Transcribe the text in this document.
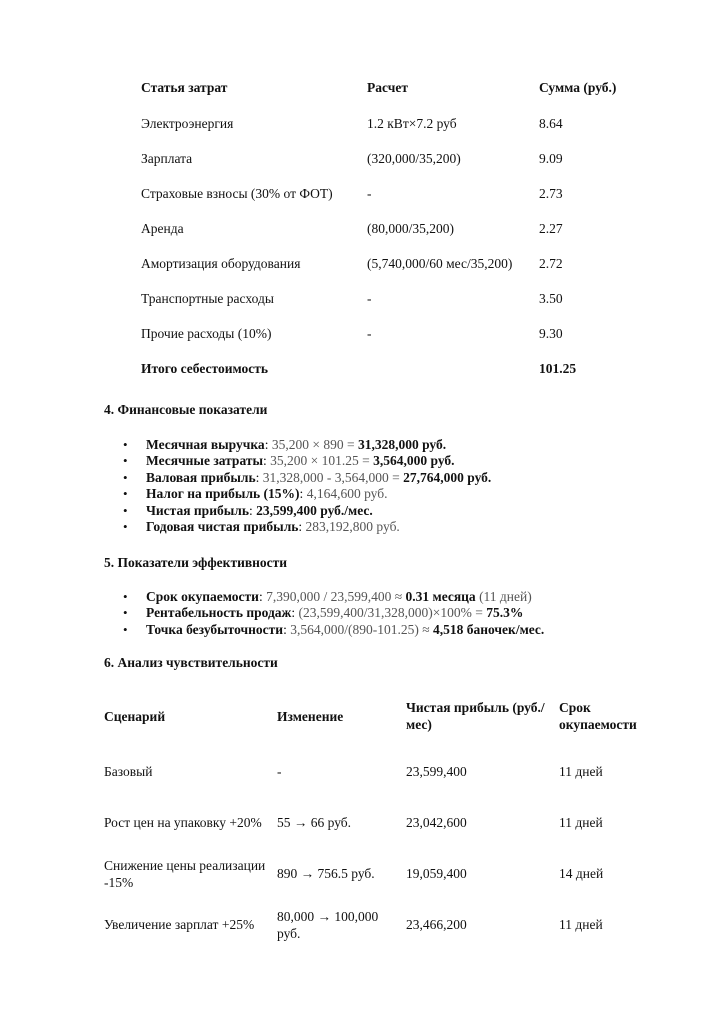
Статья затрат	Расчет	Сумма (руб.)
Электроэнергия	1.2 кВт×7.2 руб	8.64
Зарплата	(320,000/35,200)	9.09
Страховые взносы (30% от ФОТ)	-	2.73
Аренда	(80,000/35,200)	2.27
Амортизация оборудования	(5,740,000/60 мес/35,200)	2.72
Транспортные расходы	-	3.50
Прочие расходы (10%)	-	9.30
Итого себестоимость		101.25
4. Финансовые показатели
• Месячная выручка: 35,200 × 890 = 31,328,000 руб.
• Месячные затраты: 35,200 × 101.25 = 3,564,000 руб.
• Валовая прибыль: 31,328,000 - 3,564,000 = 27,764,000 руб.
• Налог на прибыль (15%): 4,164,600 руб.
• Чистая прибыль: 23,599,400 руб./мес.
• Годовая чистая прибыль: 283,192,800 руб.
5. Показатели эффективности
• Срок окупаемости: 7,390,000 / 23,599,400 ≈ 0.31 месяца (11 дней)
• Рентабельность продаж: (23,599,400/31,328,000)×100% = 75.3%
• Точка безубыточности: 3,564,000/(890-101.25) ≈ 4,518 баночек/мес.
6. Анализ чувствительности
Сценарий	Изменение	Чистая прибыль (руб./мес)	Срок окупаемости
Базовый	-	23,599,400	11 дней
Рост цен на упаковку +20%	55 → 66 руб.	23,042,600	11 дней
Снижение цены реализации -15%	890 → 756.5 руб.	19,059,400	14 дней
Увеличение зарплат +25%	80,000 → 100,000 руб.	23,466,200	11 дней
